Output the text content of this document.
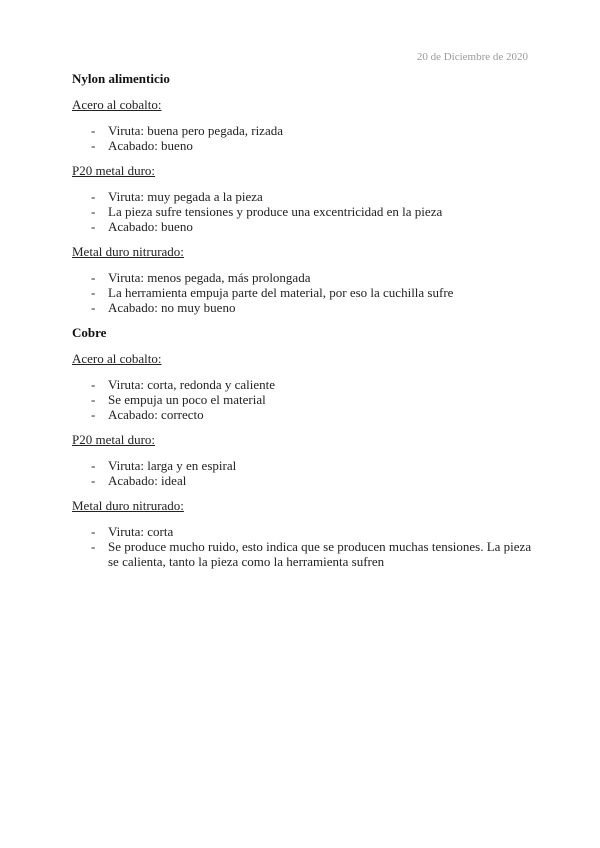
20 de Diciembre de 2020
Nylon alimenticio
Acero al cobalto:
- Viruta: buena pero pegada, rizada
- Acabado: bueno
P20 metal duro:
- Viruta: muy pegada a la pieza
- La pieza sufre tensiones y produce una excentricidad en la pieza
- Acabado: bueno
Metal duro nitrurado:
- Viruta: menos pegada, más prolongada
- La herramienta empuja parte del material, por eso la cuchilla sufre
- Acabado: no muy bueno
Cobre
Acero al cobalto:
- Viruta: corta, redonda y caliente
- Se empuja un poco el material
- Acabado: correcto
P20 metal duro:
- Viruta: larga y en espiral
- Acabado: ideal
Metal duro nitrurado:
- Viruta: corta
- Se produce mucho ruido, esto indica que se producen muchas tensiones. La pieza se calienta, tanto la pieza como la herramienta sufren
